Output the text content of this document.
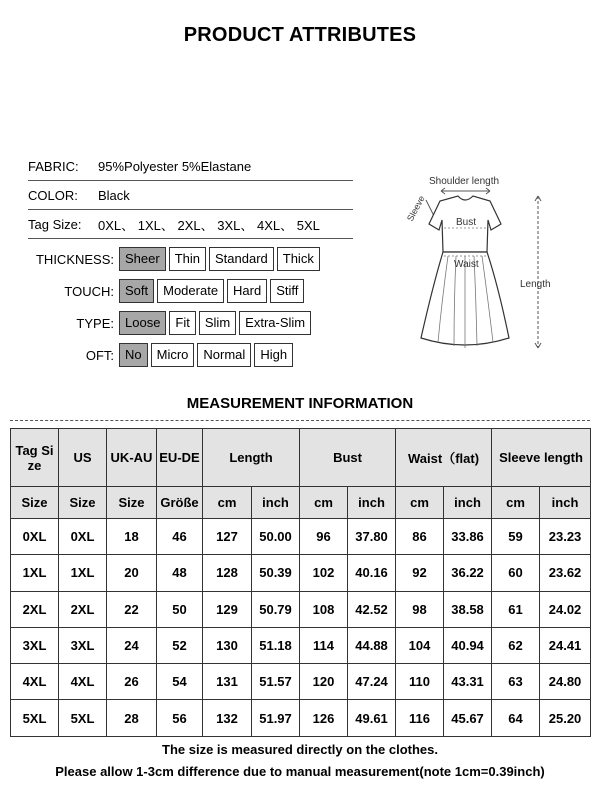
PRODUCT ATTRIBUTES
FABRIC:	95%Polyester 5%Elastane
COLOR:	Black
Tag Size:	0XL、 1XL、 2XL、 3XL、 4XL、 5XL
THICKNESS: Sheer	Thin	Standard	Thick
TOUCH: Soft	Moderate	Hard	Stiff
TYPE: Loose	Fit	Slim	Extra-Slim
OFT: No	Micro	Normal	High
Shoulder length
Sleeve	Bust
Waist
Length
MEASUREMENT INFORMATION
Tag Si ze	US	UK-AU	EU-DE	Length		Bust		Waist（flat)		Sleeve length	
Size	Size	Size	Größe	cm	inch	cm	inch	cm	inch	cm	inch
0XL	0XL	18	46	127	50.00	96	37.80	86	33.86	59	23.23
1XL	1XL	20	48	128	50.39	102	40.16	92	36.22	60	23.62
2XL	2XL	22	50	129	50.79	108	42.52	98	38.58	61	24.02
3XL	3XL	24	52	130	51.18	114	44.88	104	40.94	62	24.41
4XL	4XL	26	54	131	51.57	120	47.24	110	43.31	63	24.80
5XL	5XL	28	56	132	51.97	126	49.61	116	45.67	64	25.20
The size is measured directly on the clothes.
Please allow 1-3cm difference due to manual measurement(note 1cm=0.39inch)
